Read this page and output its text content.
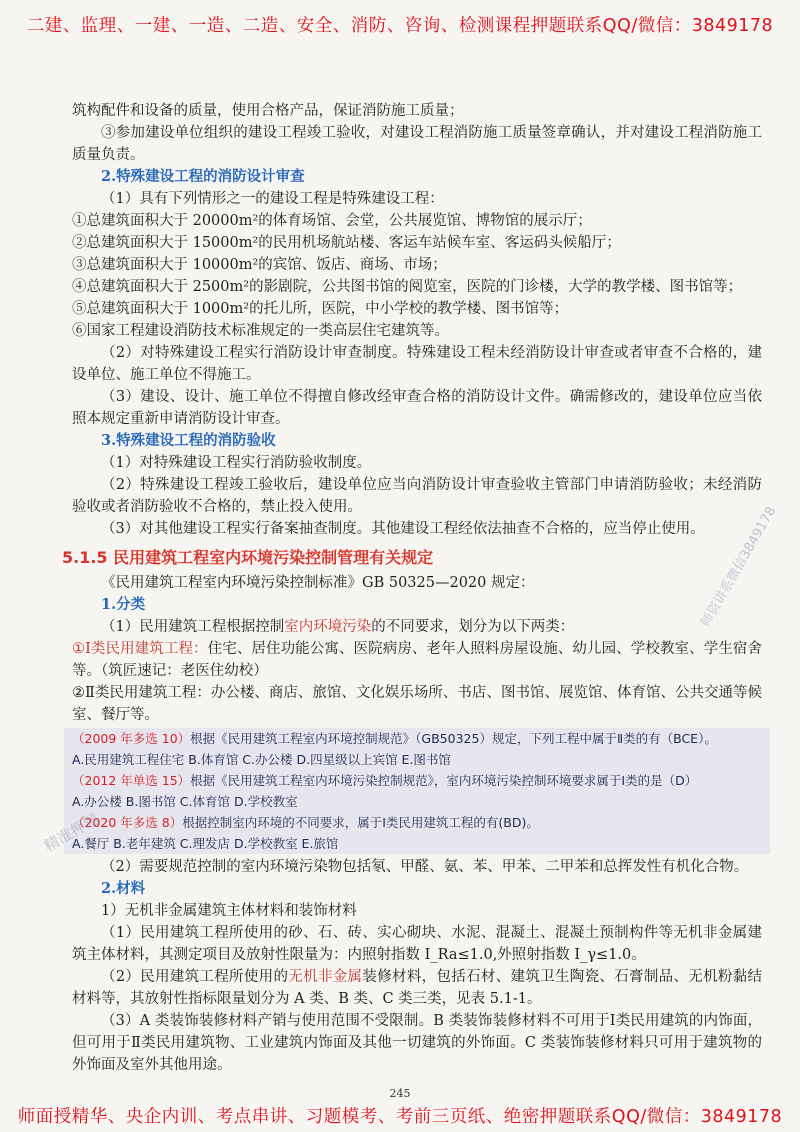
二建、监理、一建、一造、二造、安全、消防、咨询、检测课程押题联系QQ/微信：3849178

筑构配件和设备的质量，使用合格产品，保证消防施工质量；

③参加建设单位组织的建设工程竣工验收，对建设工程消防施工质量签章确认，并对建设工程消防施工质量负责。

2.特殊建设工程的消防设计审查

（1）具有下列情形之一的建设工程是特殊建设工程：

①总建筑面积大于 20000m²的体育场馆、会堂，公共展览馆、博物馆的展示厅；

②总建筑面积大于 15000m²的民用机场航站楼、客运车站候车室、客运码头候船厅；

③总建筑面积大于 10000m²的宾馆、饭店、商场、市场；

④总建筑面积大于 2500m²的影剧院，公共图书馆的阅览室，医院的门诊楼，大学的教学楼、图书馆等；

⑤总建筑面积大于 1000m²的托儿所，医院，中小学校的教学楼、图书馆等；

⑥国家工程建设消防技术标准规定的一类高层住宅建筑等。

（2）对特殊建设工程实行消防设计审查制度。特殊建设工程未经消防设计审查或者审查不合格的，建设单位、施工单位不得施工。

（3）建设、设计、施工单位不得擅自修改经审查合格的消防设计文件。确需修改的，建设单位应当依照本规定重新申请消防设计审查。

3.特殊建设工程的消防验收

（1）对特殊建设工程实行消防验收制度。

（2）特殊建设工程竣工验收后，建设单位应当向消防设计审查验收主管部门申请消防验收；未经消防验收或者消防验收不合格的，禁止投入使用。

（3）对其他建设工程实行备案抽查制度。其他建设工程经依法抽查不合格的，应当停止使用。

5.1.5 民用建筑工程室内环境污染控制管理有关规定

《民用建筑工程室内环境污染控制标准》GB 50325—2020 规定：

1.分类

（1）民用建筑工程根据控制室内环境污染的不同要求，划分为以下两类：

①Ⅰ类民用建筑工程：住宅、居住功能公寓、医院病房、老年人照料房屋设施、幼儿园、学校教室、学生宿舍等。（筑匠速记：老医住幼校）

②Ⅱ类民用建筑工程：办公楼、商店、旅馆、文化娱乐场所、书店、图书馆、展览馆、体育馆、公共交通等候室、餐厅等。

（2009 年多选 10）根据《民用建筑工程室内环境控制规范》（GB50325）规定，下列工程中属于Ⅱ类的有（BCE）。

A.民用建筑工程住宅 B.体育馆 C.办公楼 D.四星级以上宾馆 E.图书馆

（2012 年单选 15）根据《民用建筑工程室内环境污染控制规范》，室内环境污染控制环境要求属于Ⅰ类的是（D）

A.办公楼 B.图书馆 C.体育馆 D.学校教室

（2020 年多选 8）根据控制室内环境的不同要求，属于Ⅰ类民用建筑工程的有(BD)。

A.餐厅 B.老年建筑 C.理发店 D.学校教室 E.旅馆

（2）需要规范控制的室内环境污染物包括氡、甲醛、氨、苯、甲苯、二甲苯和总挥发性有机化合物。

2.材料

1）无机非金属建筑主体材料和装饰材料

（1）民用建筑工程所使用的砂、石、砖、实心砌块、水泥、混凝土、混凝土预制构件等无机非金属建筑主体材料，其测定项目及放射性限量为：内照射指数 I_Ra≤1.0,外照射指数 I_γ≤1.0。

（2）民用建筑工程所使用的无机非金属装修材料，包括石材、建筑卫生陶瓷、石膏制品、无机粉黏结材料等，其放射性指标限量划分为 A 类、B 类、C 类三类，见表 5.1-1。

（3）A 类装饰装修材料产销与使用范围不受限制。B 类装饰装修材料不可用于Ⅰ类民用建筑的内饰面，但可用于Ⅱ类民用建筑物、工业建筑内饰面及其他一切建筑的外饰面。C 类装饰装修材料只可用于建筑物的外饰面及室外其他用途。

师资讲系微信3849178
精准押题
245
师面授精华、央企内训、考点串讲、习题模考、考前三页纸、绝密押题联系QQ/微信：3849178
